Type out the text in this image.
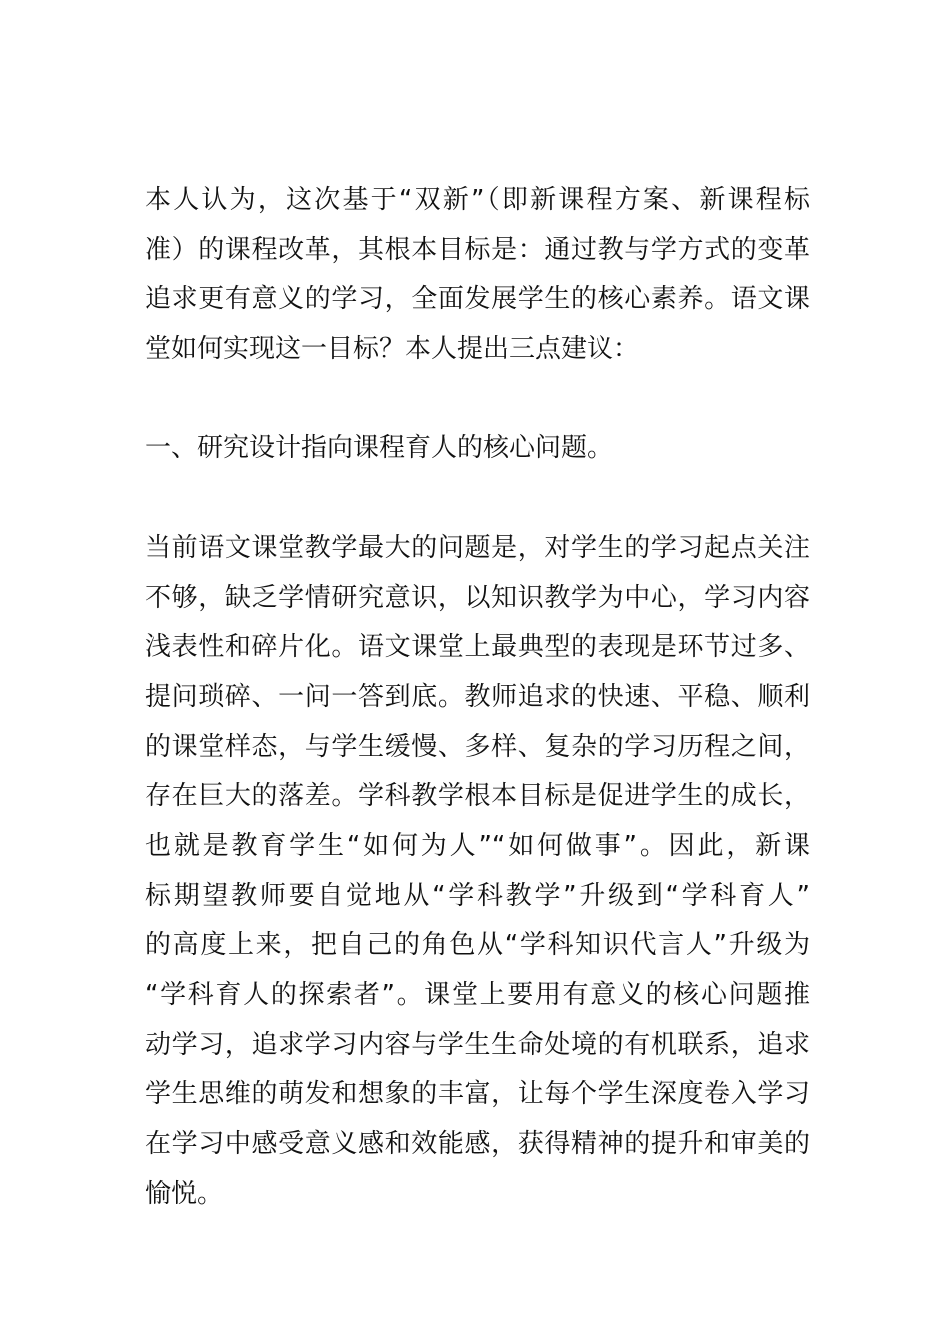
本人认为，这次基于“双新”（即新课程方案、新课程标
准）的课程改革，其根本目标是：通过教与学方式的变革
追求更有意义的学习，全面发展学生的核心素养。语文课
堂如何实现这一目标？本人提出三点建议：
一、研究设计指向课程育人的核心问题。
当前语文课堂教学最大的问题是，对学生的学习起点关注
不够，缺乏学情研究意识，以知识教学为中心，学习内容
浅表性和碎片化。语文课堂上最典型的表现是环节过多、
提问琐碎、一问一答到底。教师追求的快速、平稳、顺利
的课堂样态，与学生缓慢、多样、复杂的学习历程之间，
存在巨大的落差。学科教学根本目标是促进学生的成长，
也就是教育学生“如何为人”“如何做事”。因此，新课
标期望教师要自觉地从“学科教学”升级到“学科育人”
的高度上来，把自己的角色从“学科知识代言人”升级为
“学科育人的探索者”。课堂上要用有意义的核心问题推
动学习，追求学习内容与学生生命处境的有机联系，追求
学生思维的萌发和想象的丰富，让每个学生深度卷入学习
在学习中感受意义感和效能感，获得精神的提升和审美的
愉悦。
